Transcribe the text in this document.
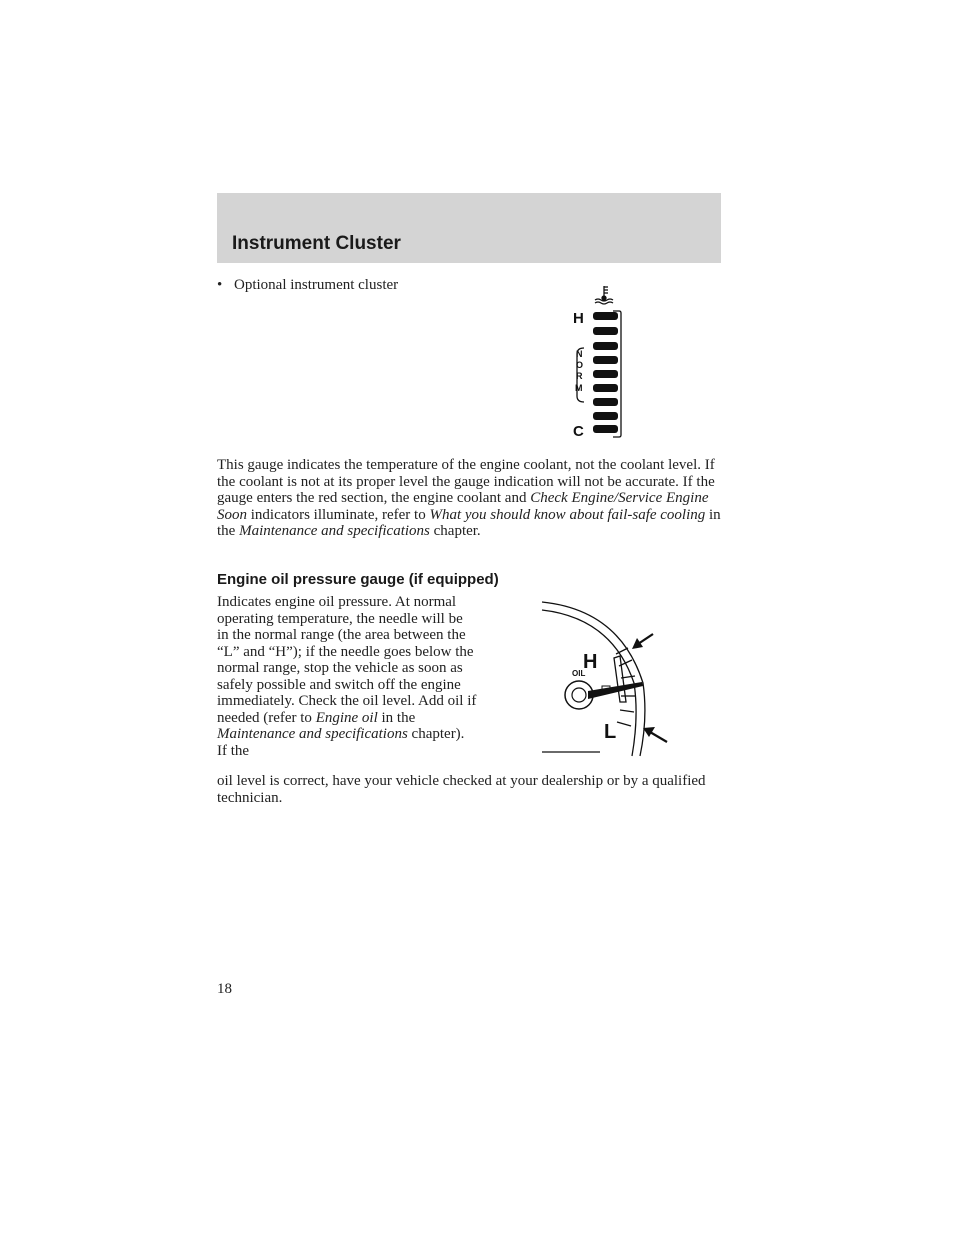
Instrument Cluster
• Optional instrument cluster
H
C
N
O
R
M

This gauge indicates the temperature of the engine coolant, not the coolant level. If the coolant is not at its proper level the gauge indication will not be accurate. If the gauge enters the red section, the engine coolant and Check Engine/Service Engine Soon indicators illuminate, refer to What you should know about fail-safe cooling in the Maintenance and specifications chapter.

Engine oil pressure gauge (if equipped)

Indicates engine oil pressure. At normal operating temperature, the needle will be in the normal range (the area between the “L” and “H”); if the needle goes below the normal range, stop the vehicle as soon as safely possible and switch off the engine immediately. Check the oil level. Add oil if needed (refer to Engine oil in the Maintenance and specifications chapter). If the

H
OIL
L

oil level is correct, have your vehicle checked at your dealership or by a qualified technician.

18
